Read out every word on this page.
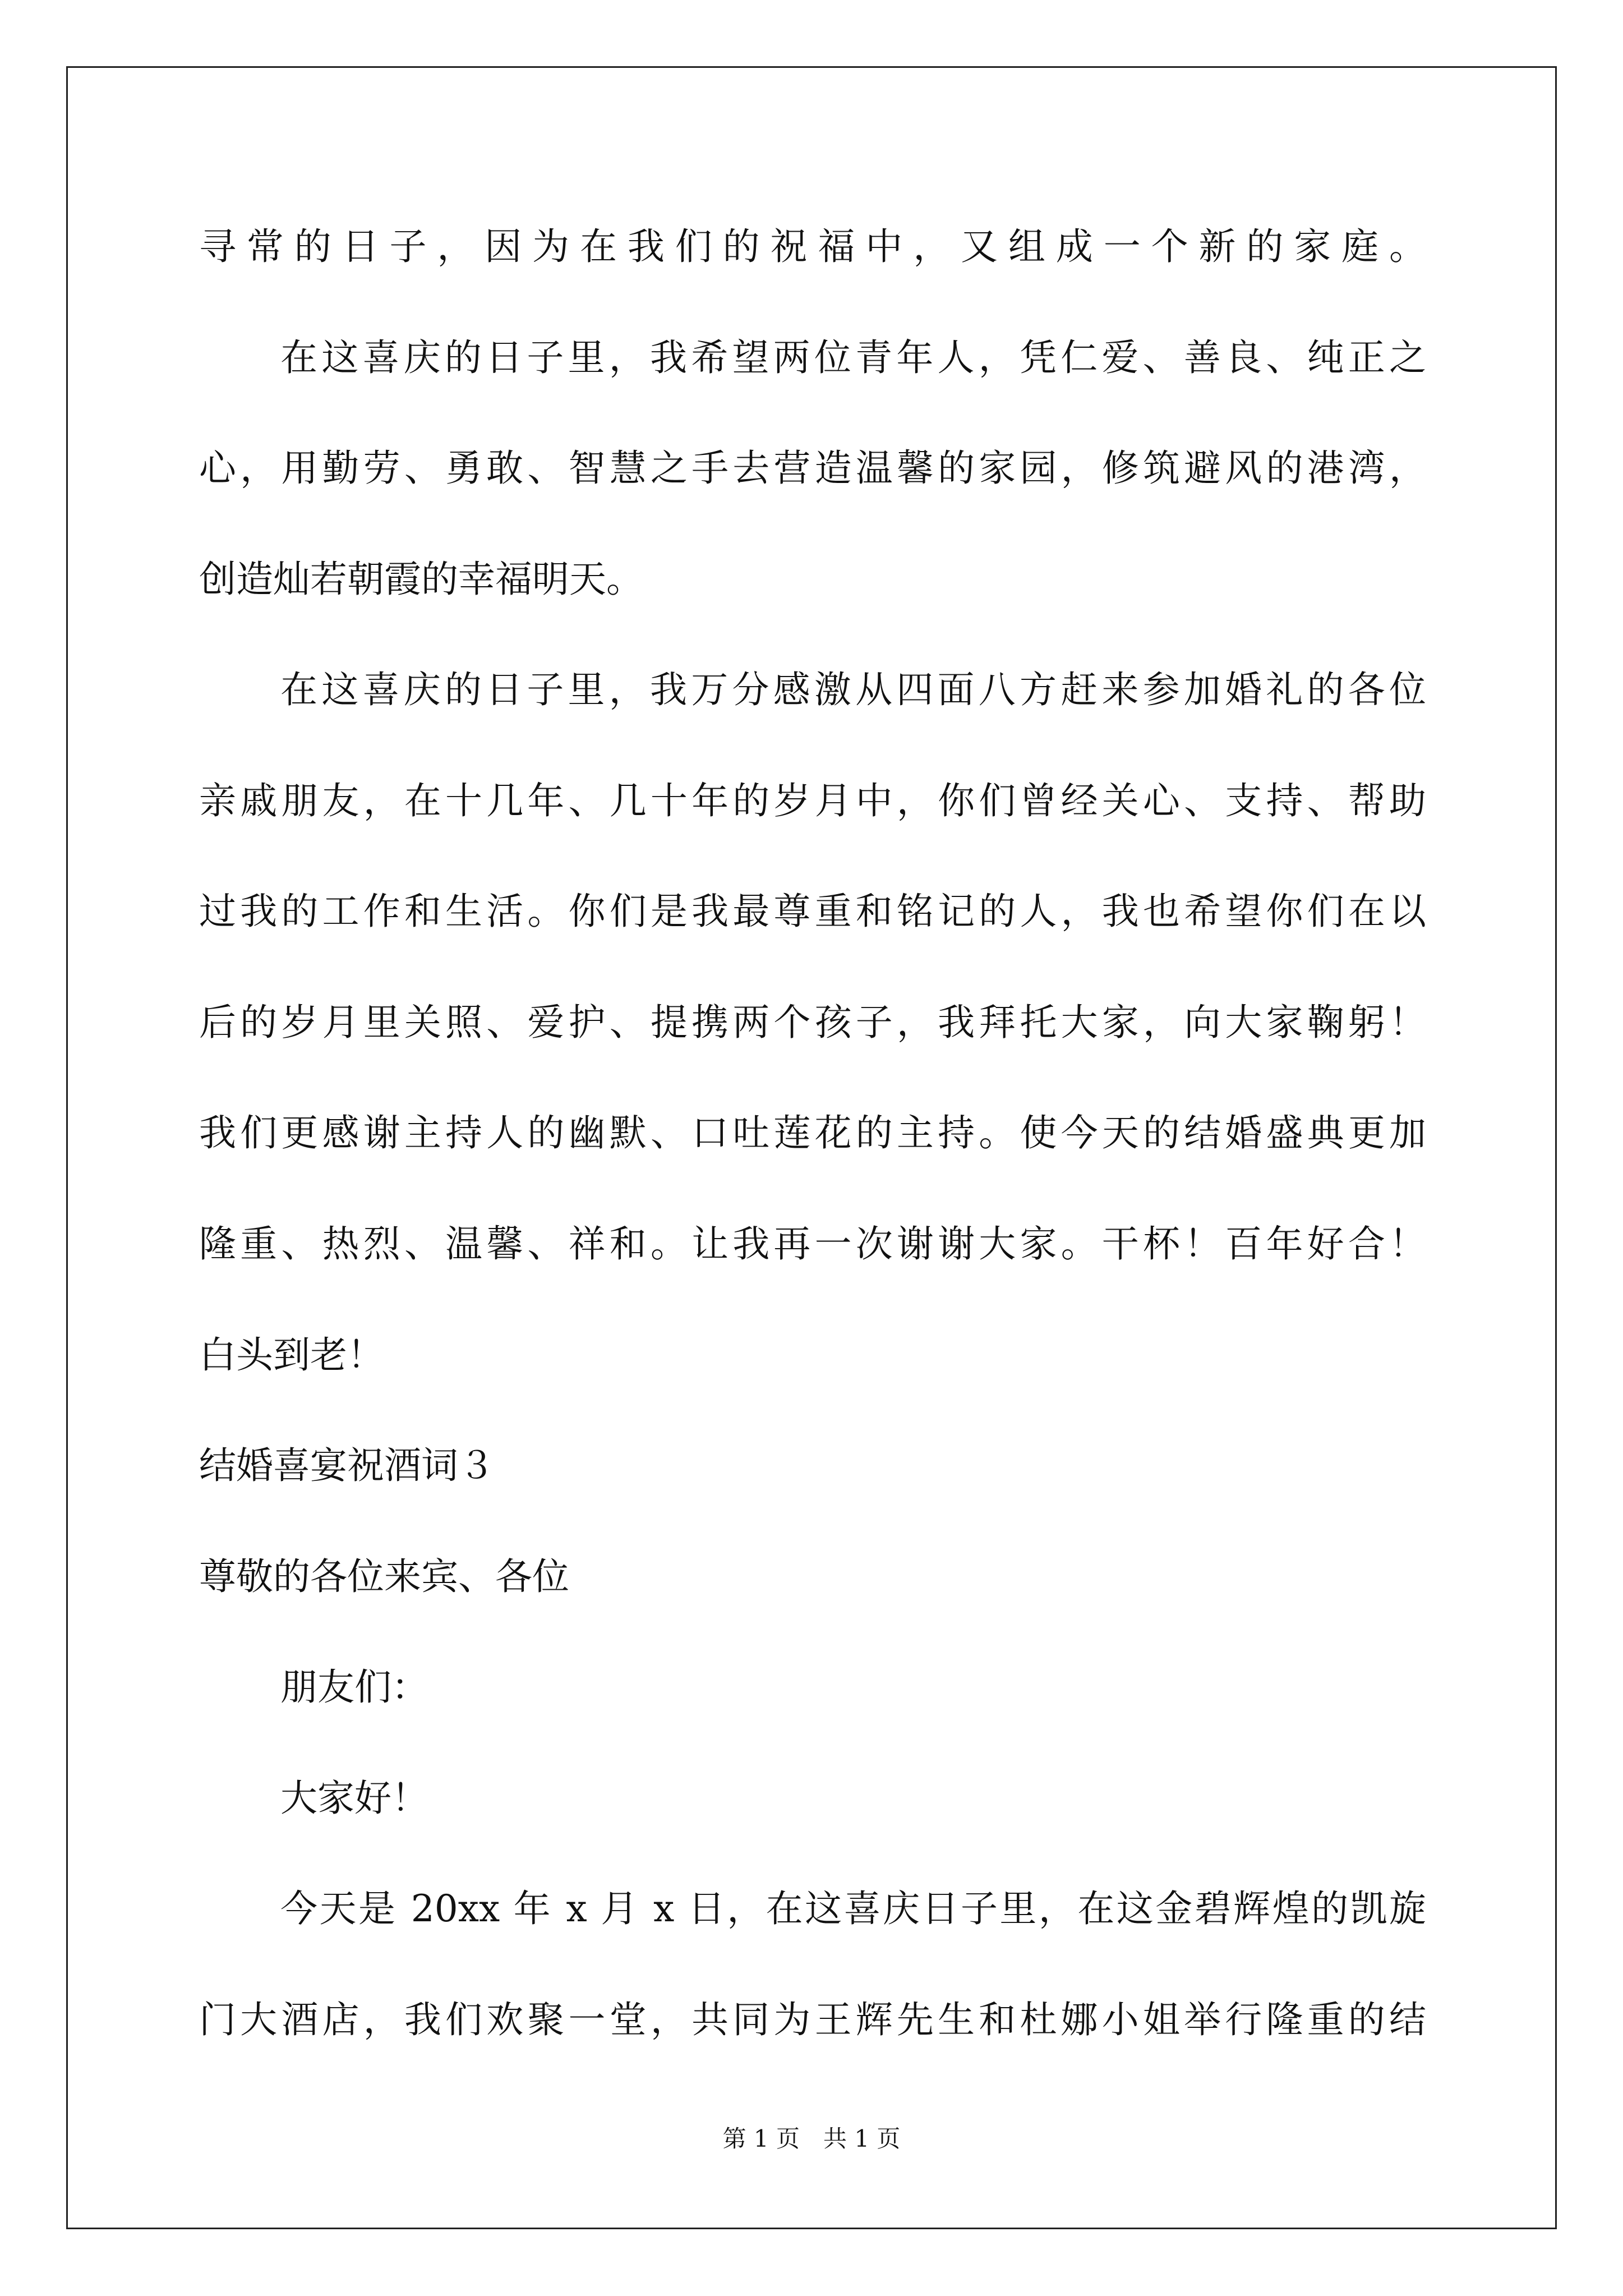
寻常的日子，因为在我们的祝福中，又组成一个新的家庭。
在这喜庆的日子里，我希望两位青年人，凭仁爱、善良、纯正之
心，用勤劳、勇敢、智慧之手去营造温馨的家园，修筑避风的港湾，
创造灿若朝霞的幸福明天。
在这喜庆的日子里，我万分感激从四面八方赶来参加婚礼的各位
亲戚朋友，在十几年、几十年的岁月中，你们曾经关心、支持、帮助
过我的工作和生活。你们是我最尊重和铭记的人，我也希望你们在以
后的岁月里关照、爱护、提携两个孩子，我拜托大家，向大家鞠躬！
我们更感谢主持人的幽默、口吐莲花的主持。使今天的结婚盛典更加
隆重、热烈、温馨、祥和。让我再一次谢谢大家。干杯！百年好合！
白头到老！
结婚喜宴祝酒词３
尊敬的各位来宾、各位
朋友们：
大家好！
今天是 20xx 年 x 月 x 日，在这喜庆日子里，在这金碧辉煌的凯旋
门大酒店，我们欢聚一堂，共同为王辉先生和杜娜小姐举行隆重的结
第 1 页　共 1 页
